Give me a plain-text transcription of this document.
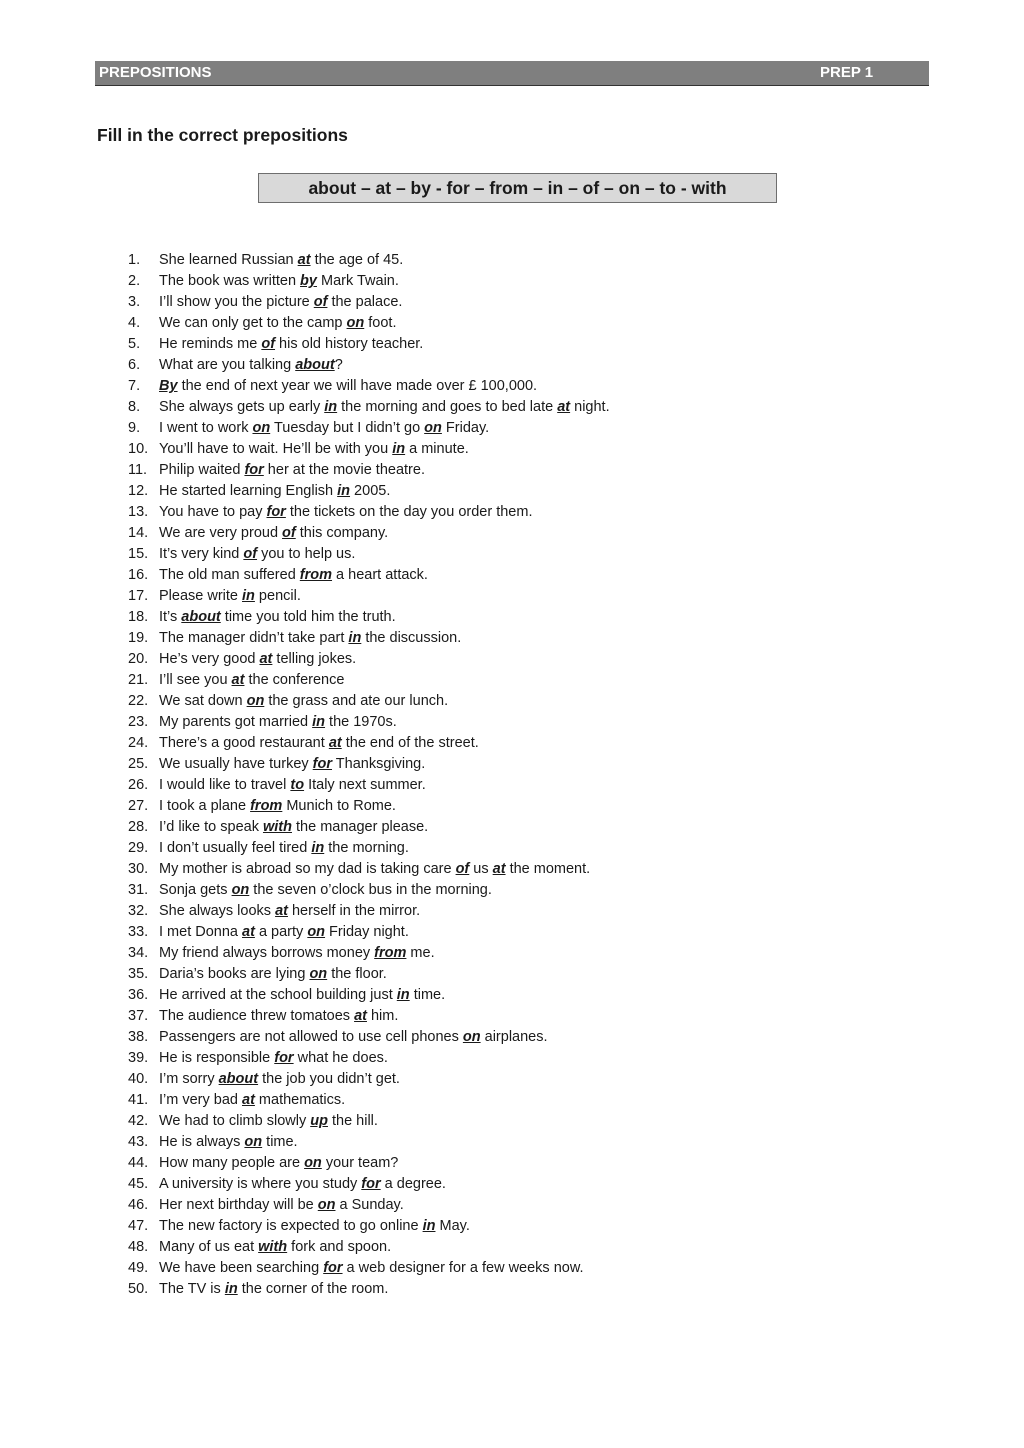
PREPOSITIONS	PREP 1
Fill in the correct prepositions
about – at – by - for – from – in – of – on – to - with
1. She learned Russian at the age of 45.
2. The book was written by Mark Twain.
3. I’ll show you the picture of the palace.
4. We can only get to the camp on foot.
5. He reminds me of his old history teacher.
6. What are you talking about?
7. By the end of next year we will have made over £ 100,000.
8. She always gets up early in the morning and goes to bed late at night.
9. I went to work on Tuesday but I didn’t go on Friday.
10. You’ll have to wait. He’ll be with you in a minute.
11. Philip waited for her at the movie theatre.
12. He started learning English in 2005.
13. You have to pay for the tickets on the day you order them.
14. We are very proud of this company.
15. It’s very kind of you to help us.
16. The old man suffered from a heart attack.
17. Please write in pencil.
18. It’s about time you told him the truth.
19. The manager didn’t take part in the discussion.
20. He’s very good at telling jokes.
21. I’ll see you at the conference
22. We sat down on the grass and ate our lunch.
23. My parents got married in the 1970s.
24. There’s a good restaurant at the end of the street.
25. We usually have turkey for Thanksgiving.
26. I would like to travel to Italy next summer.
27. I took a plane from Munich to Rome.
28. I’d like to speak with the manager please.
29. I don’t usually feel tired in the morning.
30. My mother is abroad so my dad is taking care of us at the moment.
31. Sonja gets on the seven o’clock bus in the morning.
32. She always looks at herself in the mirror.
33. I met Donna at a party on Friday night.
34. My friend always borrows money from me.
35. Daria’s books are lying on the floor.
36. He arrived at the school building just in time.
37. The audience threw tomatoes at him.
38. Passengers are not allowed to use cell phones on airplanes.
39. He is responsible for what he does.
40. I’m sorry about the job you didn’t get.
41. I’m very bad at mathematics.
42. We had to climb slowly up the hill.
43. He is always on time.
44. How many people are on your team?
45. A university is where you study for a degree.
46. Her next birthday will be on a Sunday.
47. The new factory is expected to go online in May.
48. Many of us eat with fork and spoon.
49. We have been searching for a web designer for a few weeks now.
50. The TV is in the corner of the room.
